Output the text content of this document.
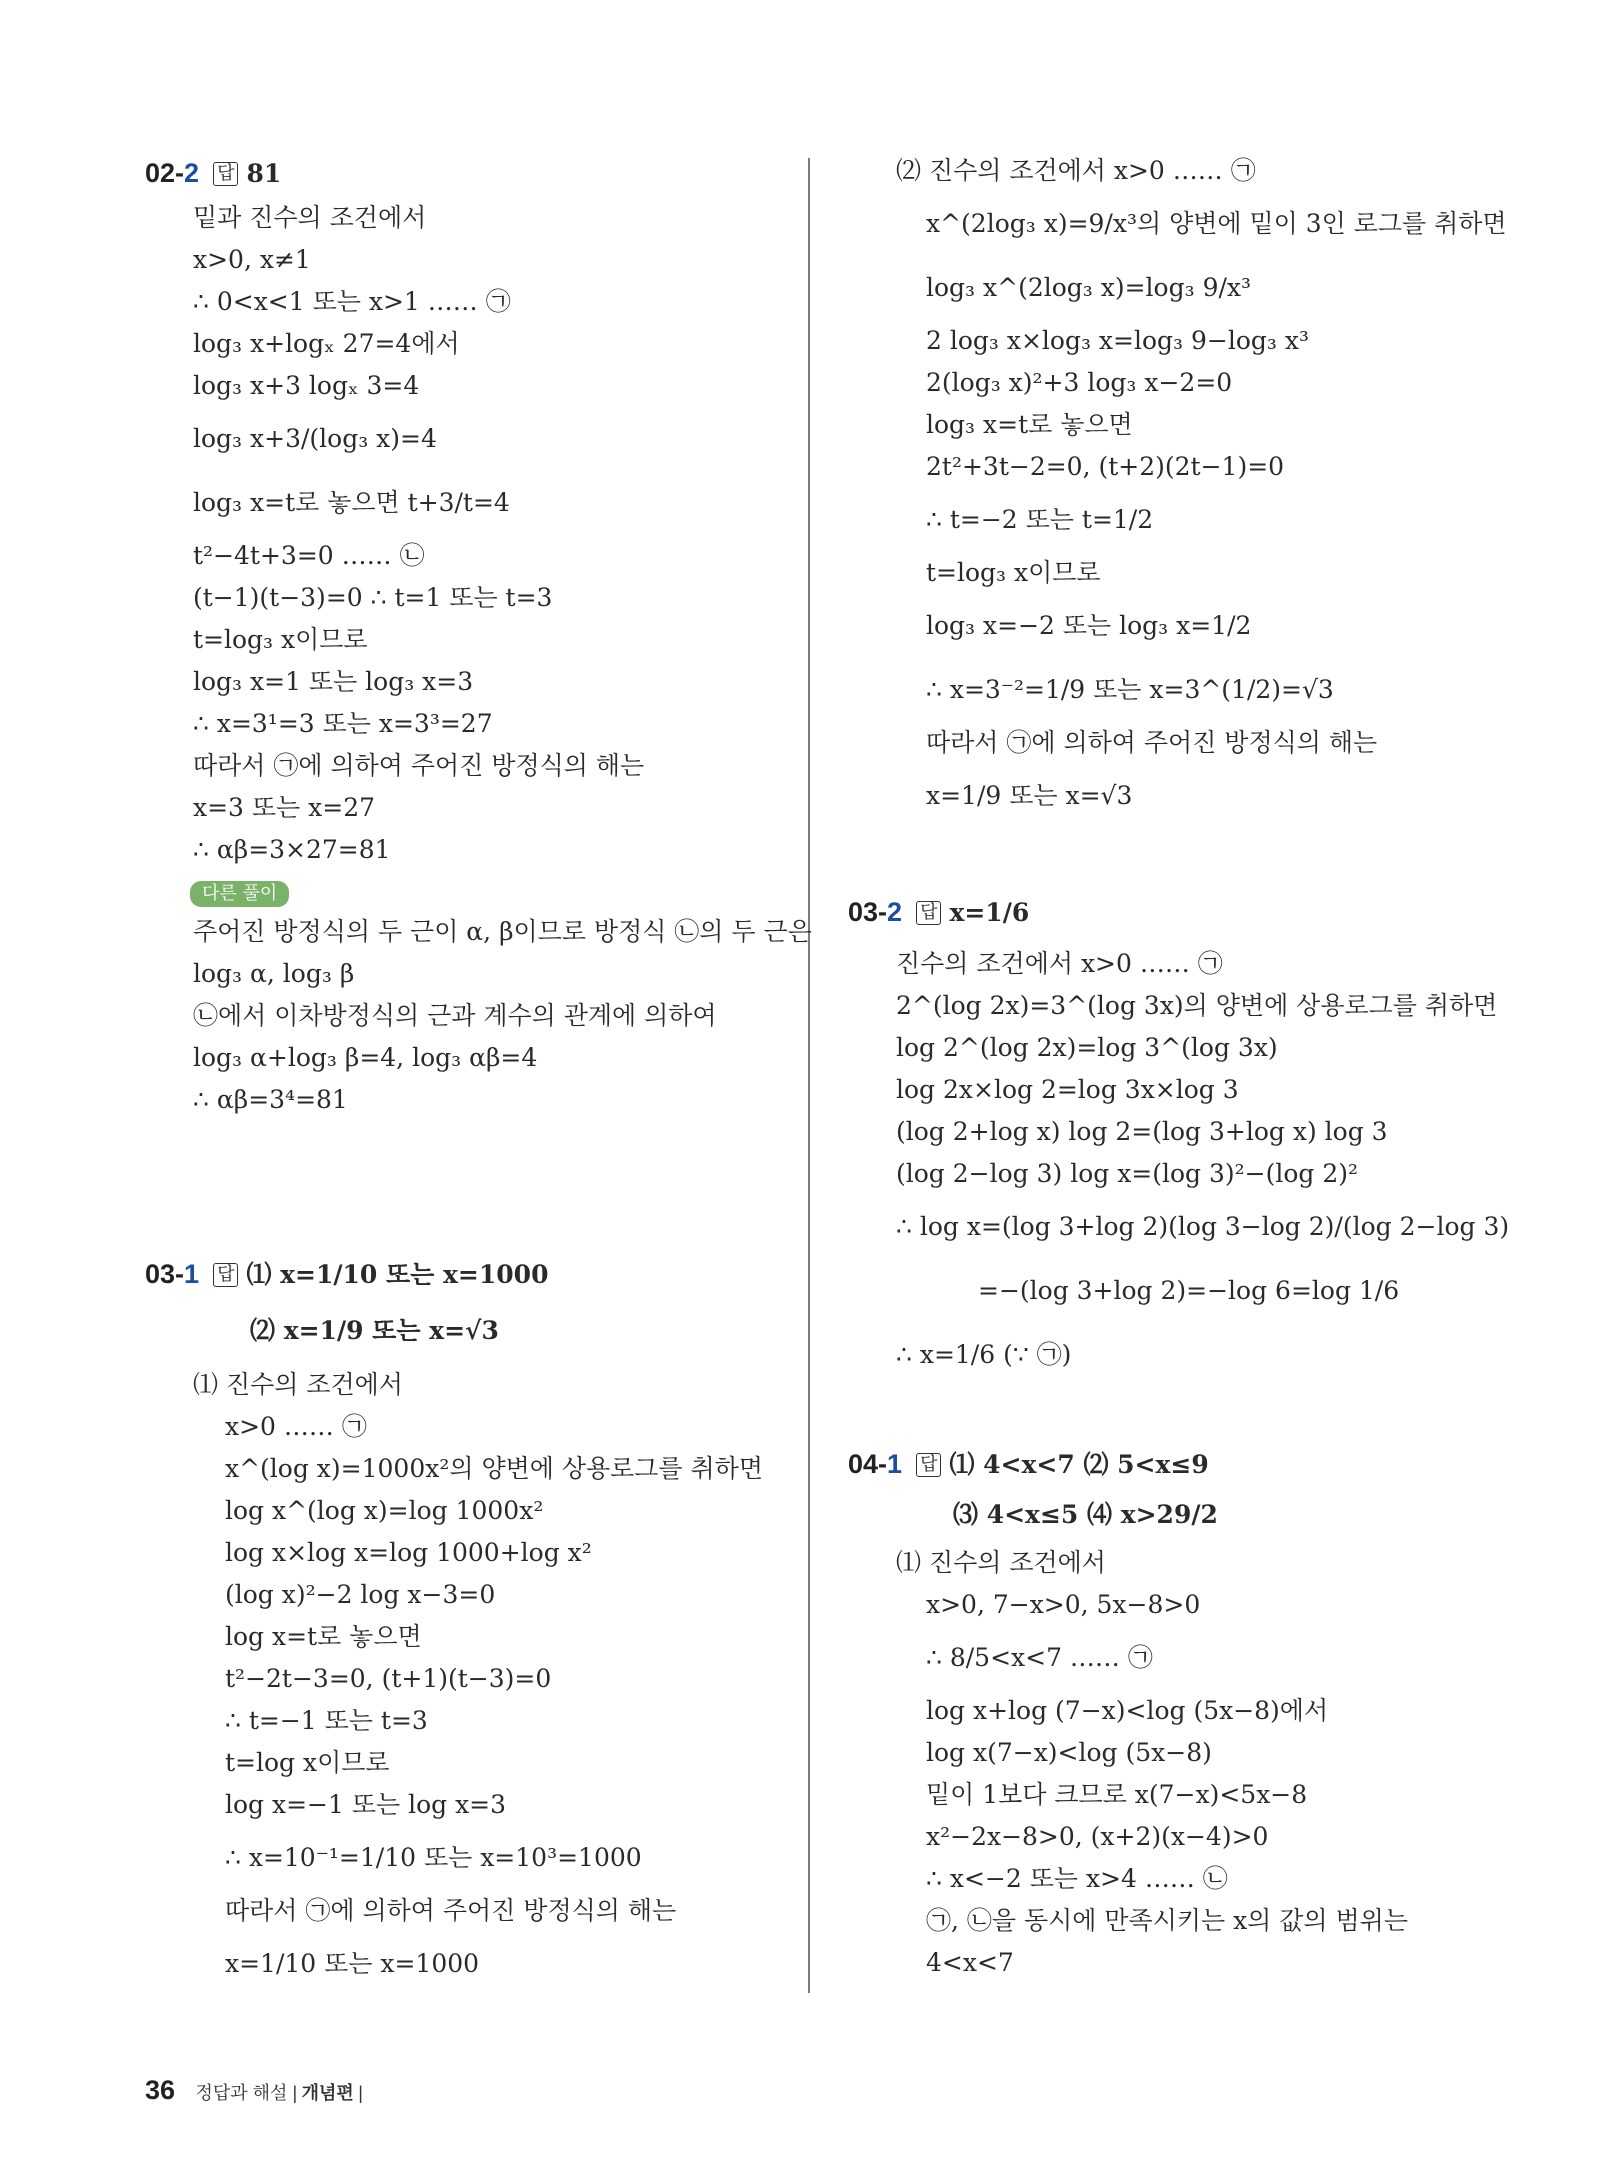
02-2 답 81
밑과 진수의 조건에서
x>0, x≠1
∴ 0<x<1 또는 x>1 …… ㉠
log₃ x+logₓ 27=4에서
log₃ x+3 logₓ 3=4
log₃ x+3/(log₃ x)=4
log₃ x=t로 놓으면 t+3/t=4
t²−4t+3=0 …… ㉡
(t−1)(t−3)=0 ∴ t=1 또는 t=3
t=log₃ x이므로
log₃ x=1 또는 log₃ x=3
∴ x=3¹=3 또는 x=3³=27
따라서 ㉠에 의하여 주어진 방정식의 해는
x=3 또는 x=27
∴ αβ=3×27=81
다른 풀이
주어진 방정식의 두 근이 α, β이므로 방정식 ㉡의 두 근은
log₃ α, log₃ β
㉡에서 이차방정식의 근과 계수의 관계에 의하여
log₃ α+log₃ β=4, log₃ αβ=4
∴ αβ=3⁴=81
03-1 답 ⑴ x=1/10 또는 x=1000
⑵ x=1/9 또는 x=√3
⑴ 진수의 조건에서
x>0 …… ㉠
x^(log x)=1000x²의 양변에 상용로그를 취하면
log x^(log x)=log 1000x²
log x×log x=log 1000+log x²
(log x)²−2 log x−3=0
log x=t로 놓으면
t²−2t−3=0, (t+1)(t−3)=0
∴ t=−1 또는 t=3
t=log x이므로
log x=−1 또는 log x=3
∴ x=10⁻¹=1/10 또는 x=10³=1000
따라서 ㉠에 의하여 주어진 방정식의 해는
x=1/10 또는 x=1000
⑵ 진수의 조건에서 x>0 …… ㉠
x^(2log₃ x)=9/x³의 양변에 밑이 3인 로그를 취하면
log₃ x^(2log₃ x)=log₃ 9/x³
2 log₃ x×log₃ x=log₃ 9−log₃ x³
2(log₃ x)²+3 log₃ x−2=0
log₃ x=t로 놓으면
2t²+3t−2=0, (t+2)(2t−1)=0
∴ t=−2 또는 t=1/2
t=log₃ x이므로
log₃ x=−2 또는 log₃ x=1/2
∴ x=3⁻²=1/9 또는 x=3^(1/2)=√3
따라서 ㉠에 의하여 주어진 방정식의 해는
x=1/9 또는 x=√3
03-2 답 x=1/6
진수의 조건에서 x>0 …… ㉠
2^(log 2x)=3^(log 3x)의 양변에 상용로그를 취하면
log 2^(log 2x)=log 3^(log 3x)
log 2x×log 2=log 3x×log 3
(log 2+log x) log 2=(log 3+log x) log 3
(log 2−log 3) log x=(log 3)²−(log 2)²
∴ log x=(log 3+log 2)(log 3−log 2)/(log 2−log 3)
=−(log 3+log 2)=−log 6=log 1/6
∴ x=1/6 (∵ ㉠)
04-1 답 ⑴ 4<x<7 ⑵ 5<x≤9
⑶ 4<x≤5 ⑷ x>29/2
⑴ 진수의 조건에서
x>0, 7−x>0, 5x−8>0
∴ 8/5<x<7 …… ㉠
log x+log (7−x)<log (5x−8)에서
log x(7−x)<log (5x−8)
밑이 1보다 크므로 x(7−x)<5x−8
x²−2x−8>0, (x+2)(x−4)>0
∴ x<−2 또는 x>4 …… ㉡
㉠, ㉡을 동시에 만족시키는 x의 값의 범위는
4<x<7
36 정답과 해설 | 개념편 |
